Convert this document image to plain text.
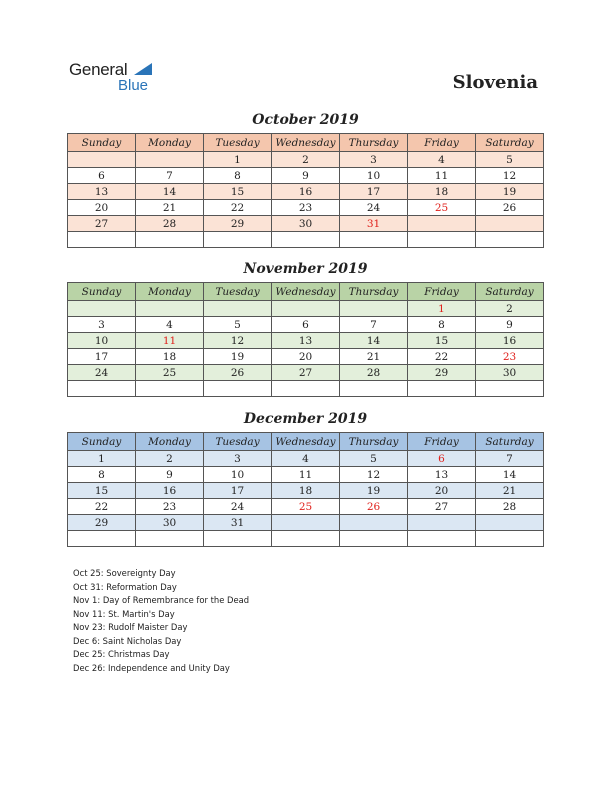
General
Blue	Slovenia
October 2019
Sunday	Monday	Tuesday	Wednesday	Thursday	Friday	Saturday
		1	2	3	4	5
6	7	8	9	10	11	12
13	14	15	16	17	18	19
20	21	22	23	24	25	26
27	28	29	30	31		

November 2019
Sunday	Monday	Tuesday	Wednesday	Thursday	Friday	Saturday
					1	2
3	4	5	6	7	8	9
10	11	12	13	14	15	16
17	18	19	20	21	22	23
24	25	26	27	28	29	30

December 2019
Sunday	Monday	Tuesday	Wednesday	Thursday	Friday	Saturday
1	2	3	4	5	6	7
8	9	10	11	12	13	14
15	16	17	18	19	20	21
22	23	24	25	26	27	28
29	30	31				

Oct 25: Sovereignty Day
Oct 31: Reformation Day
Nov 1: Day of Remembrance for the Dead
Nov 11: St. Martin's Day
Nov 23: Rudolf Maister Day
Dec 6: Saint Nicholas Day
Dec 25: Christmas Day
Dec 26: Independence and Unity Day
